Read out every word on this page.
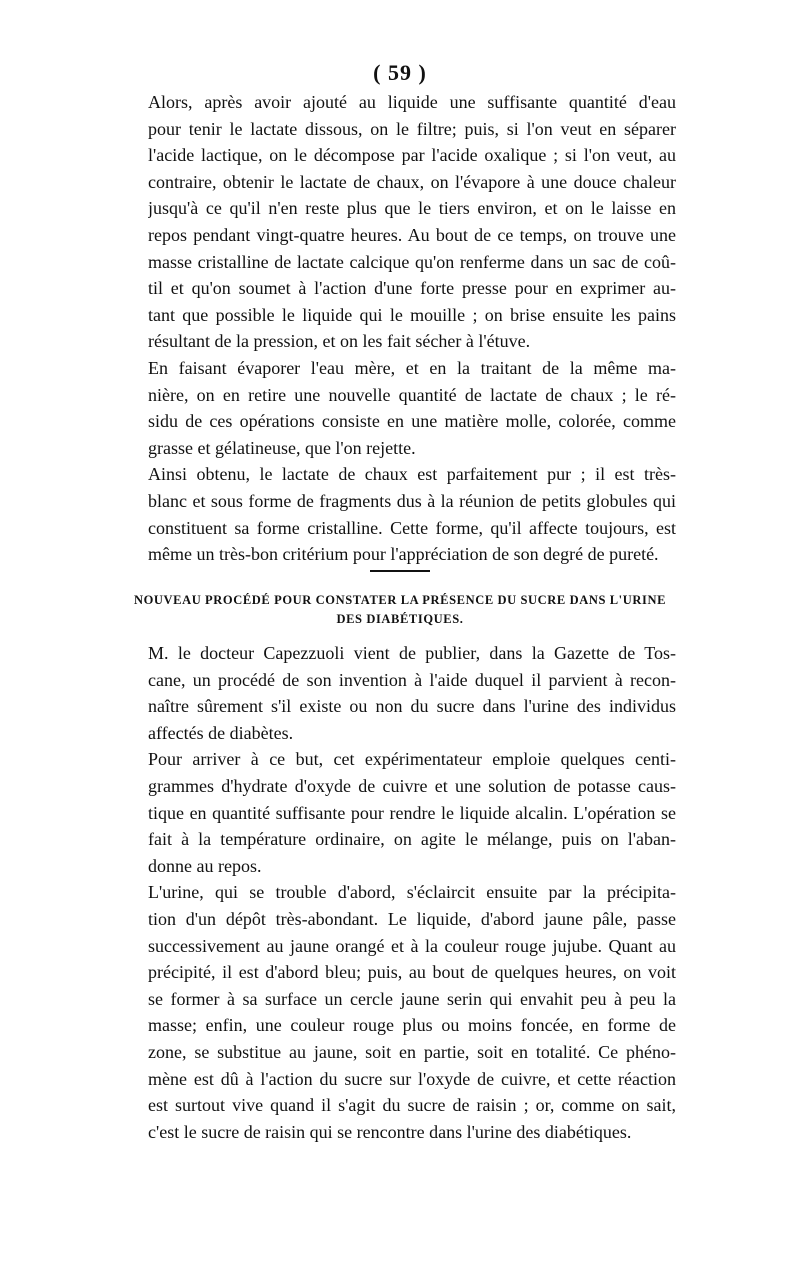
( 59 )
Alors, après avoir ajouté au liquide une suffisante quantité d'eau
pour tenir le lactate dissous, on le filtre; puis, si l'on veut en séparer
l'acide lactique, on le décompose par l'acide oxalique ; si l'on veut, au
contraire, obtenir le lactate de chaux, on l'évapore à une douce chaleur
jusqu'à ce qu'il n'en reste plus que le tiers environ, et on le laisse en
repos pendant vingt-quatre heures. Au bout de ce temps, on trouve une
masse cristalline de lactate calcique qu'on renferme dans un sac de coû-
til et qu'on soumet à l'action d'une forte presse pour en exprimer au-
tant que possible le liquide qui le mouille ; on brise ensuite les pains
résultant de la pression, et on les fait sécher à l'étuve.
En faisant évaporer l'eau mère, et en la traitant de la même ma-
nière, on en retire une nouvelle quantité de lactate de chaux ; le ré-
sidu de ces opérations consiste en une matière molle, colorée, comme
grasse et gélatineuse, que l'on rejette.
Ainsi obtenu, le lactate de chaux est parfaitement pur ; il est très-
blanc et sous forme de fragments dus à la réunion de petits globules qui
constituent sa forme cristalline. Cette forme, qu'il affecte toujours, est
même un très-bon critérium pour l'appréciation de son degré de pureté.
NOUVEAU PROCÉDÉ POUR CONSTATER LA PRÉSENCE DU SUCRE DANS L'URINE
DES DIABÉTIQUES.
M. le docteur Capezzuoli vient de publier, dans la Gazette de Tos-
cane, un procédé de son invention à l'aide duquel il parvient à recon-
naître sûrement s'il existe ou non du sucre dans l'urine des individus
affectés de diabètes.
Pour arriver à ce but, cet expérimentateur emploie quelques centi-
grammes d'hydrate d'oxyde de cuivre et une solution de potasse caus-
tique en quantité suffisante pour rendre le liquide alcalin. L'opération se
fait à la température ordinaire, on agite le mélange, puis on l'aban-
donne au repos.
L'urine, qui se trouble d'abord, s'éclaircit ensuite par la précipita-
tion d'un dépôt très-abondant. Le liquide, d'abord jaune pâle, passe
successivement au jaune orangé et à la couleur rouge jujube. Quant au
précipité, il est d'abord bleu; puis, au bout de quelques heures, on voit
se former à sa surface un cercle jaune serin qui envahit peu à peu la
masse; enfin, une couleur rouge plus ou moins foncée, en forme de
zone, se substitue au jaune, soit en partie, soit en totalité. Ce phéno-
mène est dû à l'action du sucre sur l'oxyde de cuivre, et cette réaction
est surtout vive quand il s'agit du sucre de raisin ; or, comme on sait,
c'est le sucre de raisin qui se rencontre dans l'urine des diabétiques.
